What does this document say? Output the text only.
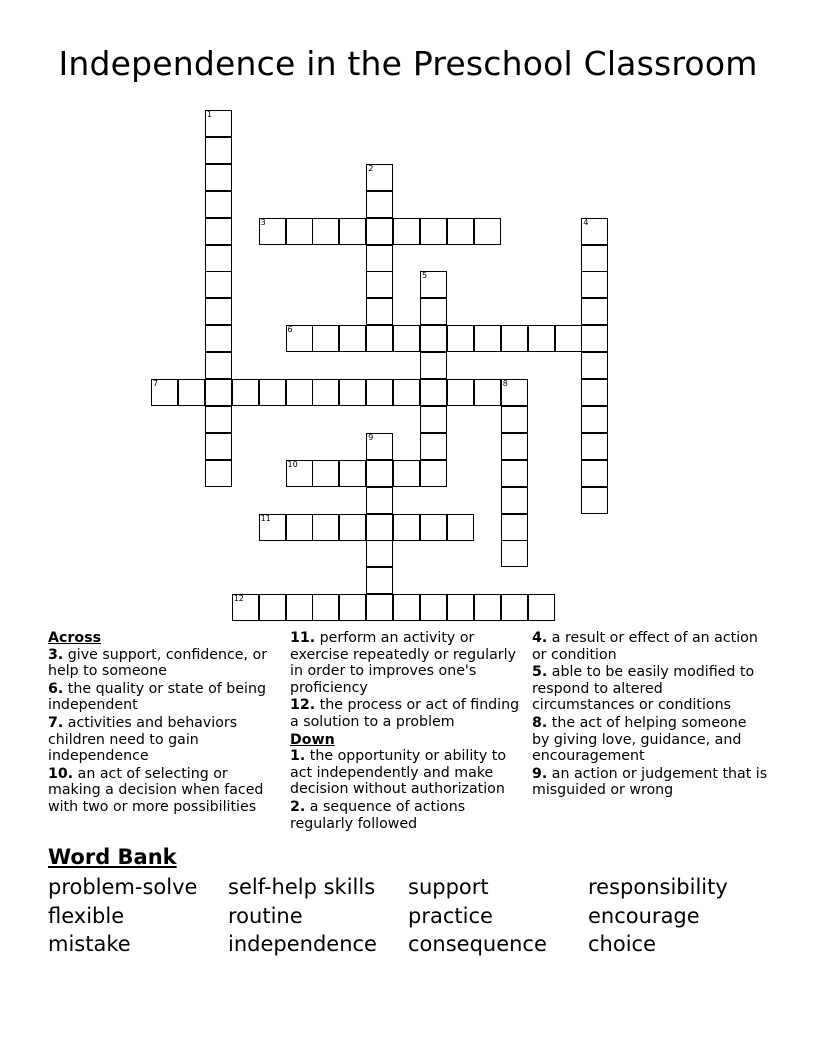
Independence in the Preschool Classroom
1
2
3	4
5
6
7	8
9
10
11
12
Across
3. give support, confidence, or help to someone
6. the quality or state of being independent
7. activities and behaviors children need to gain independence
10. an act of selecting or making a decision when faced with two or more possibilities
11. perform an activity or exercise repeatedly or regularly in order to improves one's proficiency
12. the process or act of finding a solution to a problem
Down
1. the opportunity or ability to act independently and make decision without authorization
2. a sequence of actions regularly followed
4. a result or effect of an action or condition
5. able to be easily modified to respond to altered circumstances or conditions
8. the act of helping someone by giving love, guidance, and encouragement
9. an action or judgement that is misguided or wrong
Word Bank
problem-solve	self-help skills	support	responsibility
flexible	routine	practice	encourage
mistake	independence	consequence	choice
